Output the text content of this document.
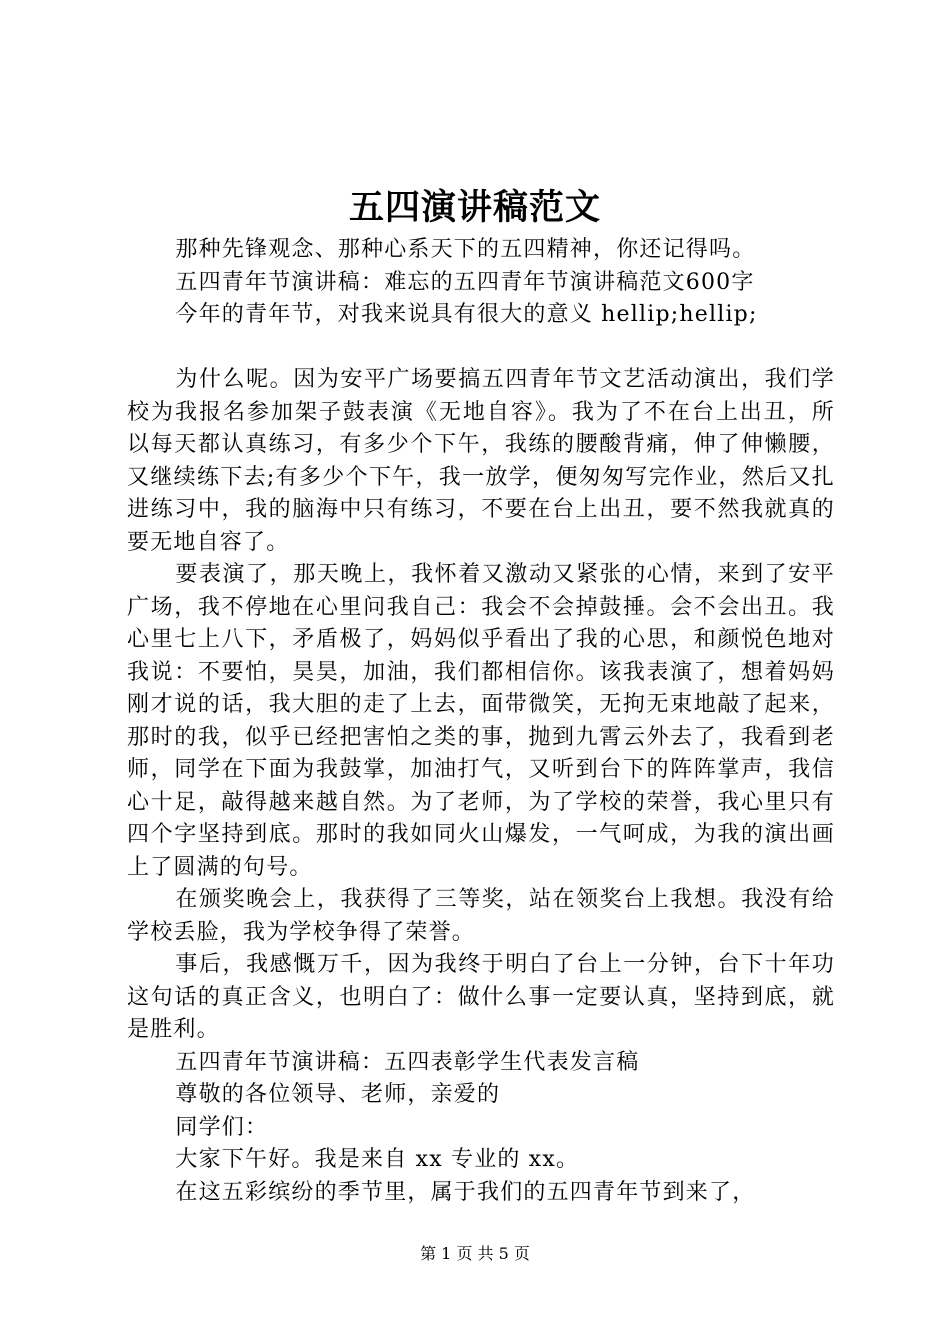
五四演讲稿范文

那种先锋观念、那种心系天下的五四精神，你还记得吗。

五四青年节演讲稿：难忘的五四青年节演讲稿范文600字

今年的青年节，对我来说具有很大的意义 hellip;hellip;

为什么呢。因为安平广场要搞五四青年节文艺活动演出，我们学校为我报名参加架子鼓表演《无地自容》。我为了不在台上出丑，所以每天都认真练习，有多少个下午，我练的腰酸背痛，伸了伸懒腰，又继续练下去;有多少个下午，我一放学，便匆匆写完作业，然后又扎进练习中，我的脑海中只有练习，不要在台上出丑，要不然我就真的要无地自容了。

要表演了，那天晚上，我怀着又激动又紧张的心情，来到了安平广场，我不停地在心里问我自己：我会不会掉鼓捶。会不会出丑。我心里七上八下，矛盾极了，妈妈似乎看出了我的心思，和颜悦色地对我说：不要怕，昊昊，加油，我们都相信你。该我表演了，想着妈妈刚才说的话，我大胆的走了上去，面带微笑，无拘无束地敲了起来，那时的我，似乎已经把害怕之类的事，抛到九霄云外去了，我看到老师，同学在下面为我鼓掌，加油打气，又听到台下的阵阵掌声，我信心十足，敲得越来越自然。为了老师，为了学校的荣誉，我心里只有四个字坚持到底。那时的我如同火山爆发，一气呵成，为我的演出画上了圆满的句号。

在颁奖晚会上，我获得了三等奖，站在领奖台上我想。我没有给学校丢脸，我为学校争得了荣誉。

事后，我感慨万千，因为我终于明白了台上一分钟，台下十年功这句话的真正含义，也明白了：做什么事一定要认真，坚持到底，就是胜利。

五四青年节演讲稿：五四表彰学生代表发言稿

尊敬的各位领导、老师，亲爱的

同学们：

大家下午好。我是来自 xx 专业的 xx。

在这五彩缤纷的季节里，属于我们的五四青年节到来了，

第 1 页 共 5 页
